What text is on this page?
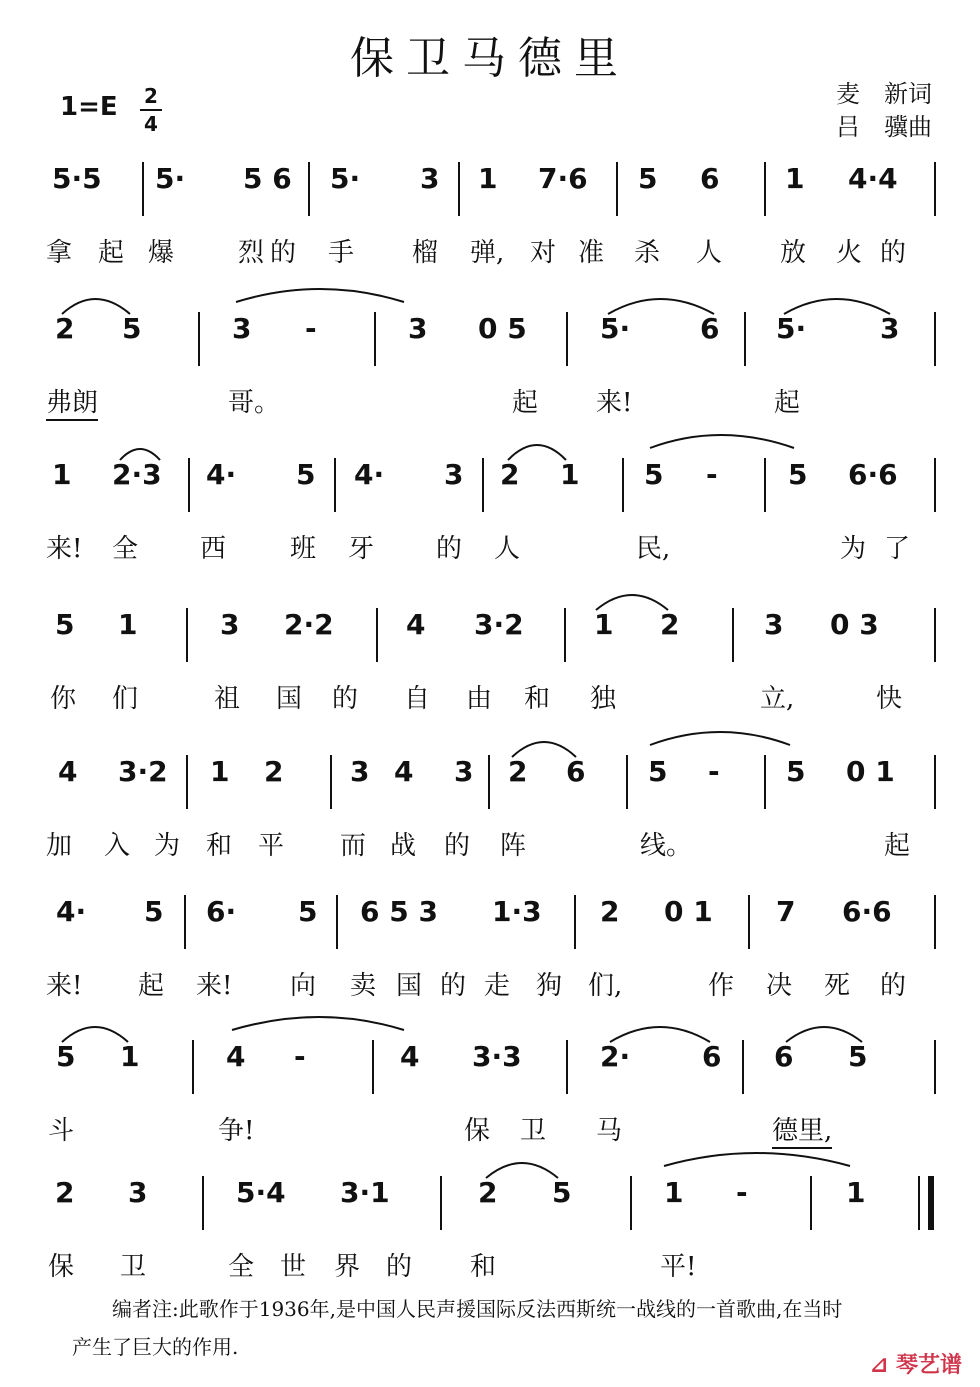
保卫马德里
1=E 2
4
麦　新词
吕　骥曲
5·5 5· 5 6 5· 3 1 7·6 5 6 1 4·4
拿 起 爆 烈 的 手 榴 弹, 对 准 杀 人 放 火 的
2 5	3 -	3 0 5	5· 6 5·	3
弗朗	哥。	起 来!	起
1 2·3 4· 5 4· 3 2 1 5 -	5 6·6
来! 全 西 班 牙 的 人	民,	为 了
5 1	3 2·2	4 3·2	1 2	3 0 3
你 们	祖 国 的 自 由 和 独	立,	快
4 3·2 1 2 3 4 3 2 6 5 - 5 0 1
加 入 为 和 平 而 战 的 阵	线。	起
4· 5 6· 5 6 5 3 1·3 2 0 1 7 6·6
来! 起 来! 向 卖 国 的 走 狗 们,	作 决 死 的
5 1	4 -	4 3·3	2·	6 6 5
斗	争!	保 卫 马	德里,
2 3	5·4 3·1	2 5	1 -	1
保 卫	全 世 界 的 和	平!
编者注:此歌作于1936年,是中国人民声援国际反法西斯统一战线的一首歌曲,在当时
产生了巨大的作用.
⊿ 琴艺谱
